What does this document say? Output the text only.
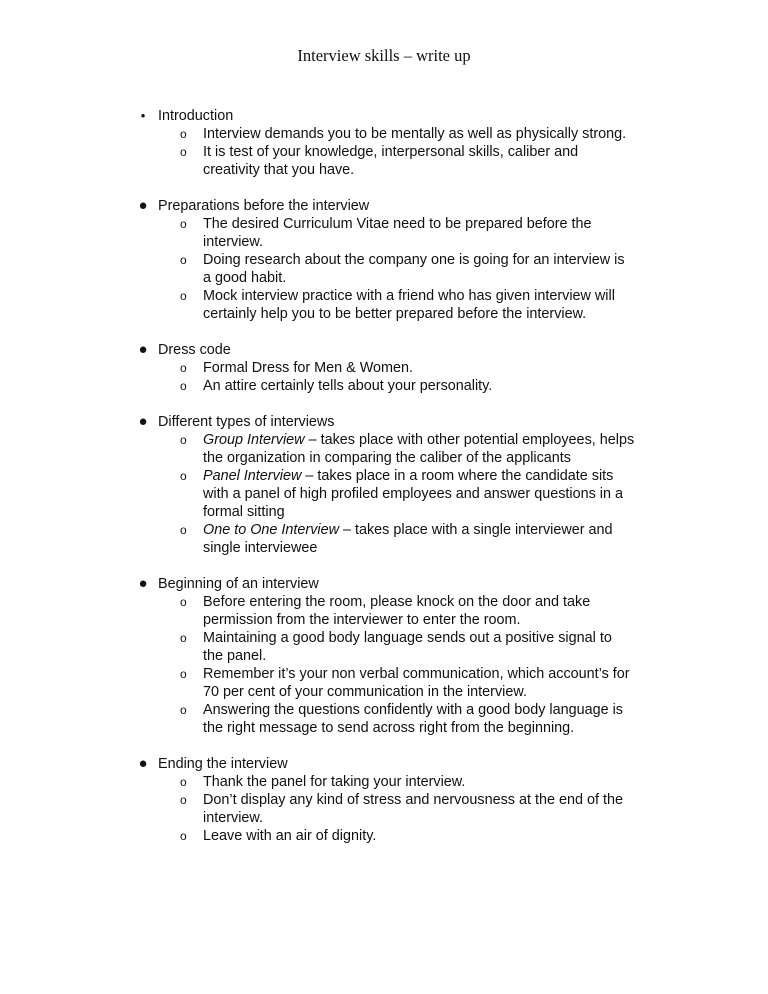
Interview skills – write up
• Introduction
o Interview demands you to be mentally as well as physically strong.
o It is test of your knowledge, interpersonal skills, caliber and
creativity that you have.
● Preparations before the interview
o The desired Curriculum Vitae need to be prepared before the
interview.
o Doing research about the company one is going for an interview is
a good habit.
o Mock interview practice with a friend who has given interview will
certainly help you to be better prepared before the interview.
● Dress code
o Formal Dress for Men & Women.
o An attire certainly tells about your personality.
● Different types of interviews
o Group Interview – takes place with other potential employees, helps
the organization in comparing the caliber of the applicants
o Panel Interview – takes place in a room where the candidate sits
with a panel of high profiled employees and answer questions in a
formal sitting
o One to One Interview – takes place with a single interviewer and
single interviewee
● Beginning of an interview
o Before entering the room, please knock on the door and take
permission from the interviewer to enter the room.
o Maintaining a good body language sends out a positive signal to
the panel.
o Remember it’s your non verbal communication, which account’s for
70 per cent of your communication in the interview.
o Answering the questions confidently with a good body language is
the right message to send across right from the beginning.
● Ending the interview
o Thank the panel for taking your interview.
o Don’t display any kind of stress and nervousness at the end of the
interview.
o Leave with an air of dignity.
